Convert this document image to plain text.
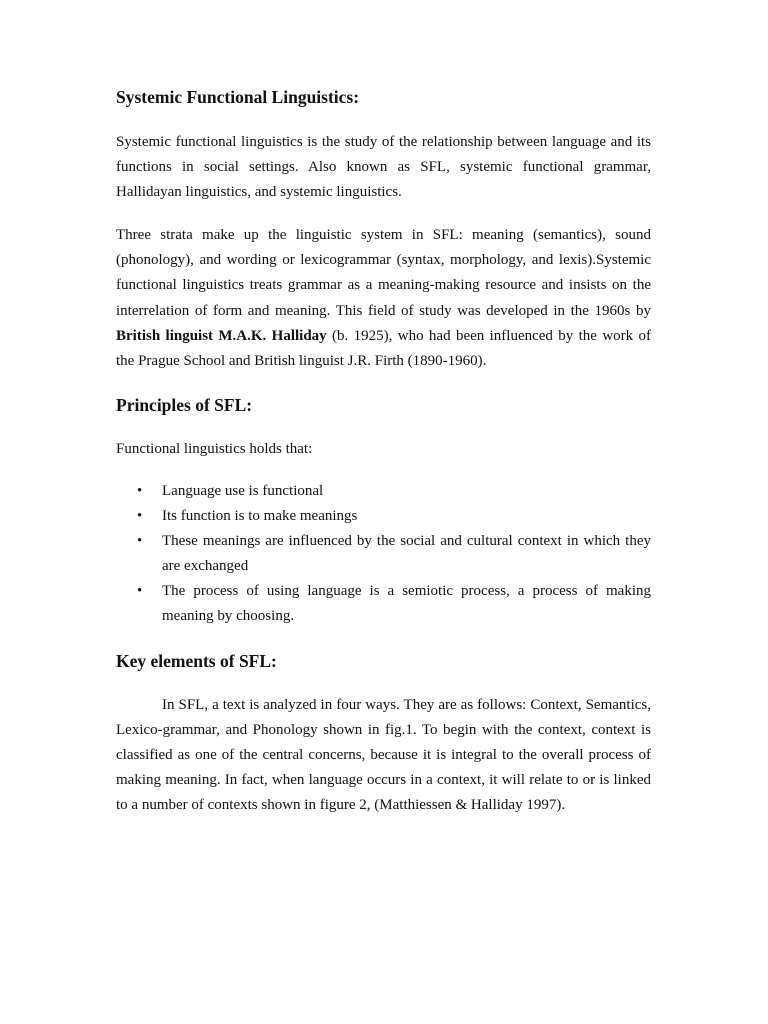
Systemic Functional Linguistics:

Systemic functional linguistics is the study of the relationship between language and its functions in social settings. Also known as SFL, systemic functional grammar, Hallidayan linguistics, and systemic linguistics.

Three strata make up the linguistic system in SFL: meaning (semantics), sound (phonology), and wording or lexicogrammar (syntax, morphology, and lexis).Systemic functional linguistics treats grammar as a meaning-making resource and insists on the interrelation of form and meaning. This field of study was developed in the 1960s by British linguist M.A.K. Halliday (b. 1925), who had been influenced by the work of the Prague School and British linguist J.R. Firth (1890-1960).

Principles of SFL:

Functional linguistics holds that:

• Language use is functional
• Its function is to make meanings
• These meanings are influenced by the social and cultural context in which they are exchanged
• The process of using language is a semiotic process, a process of making meaning by choosing.
Key elements of SFL:

In SFL, a text is analyzed in four ways. They are as follows: Context, Semantics, Lexico-grammar, and Phonology shown in fig.1. To begin with the context, context is classified as one of the central concerns, because it is integral to the overall process of making meaning. In fact, when language occurs in a context, it will relate to or is linked to a number of contexts shown in figure 2, (Matthiessen & Halliday 1997).
